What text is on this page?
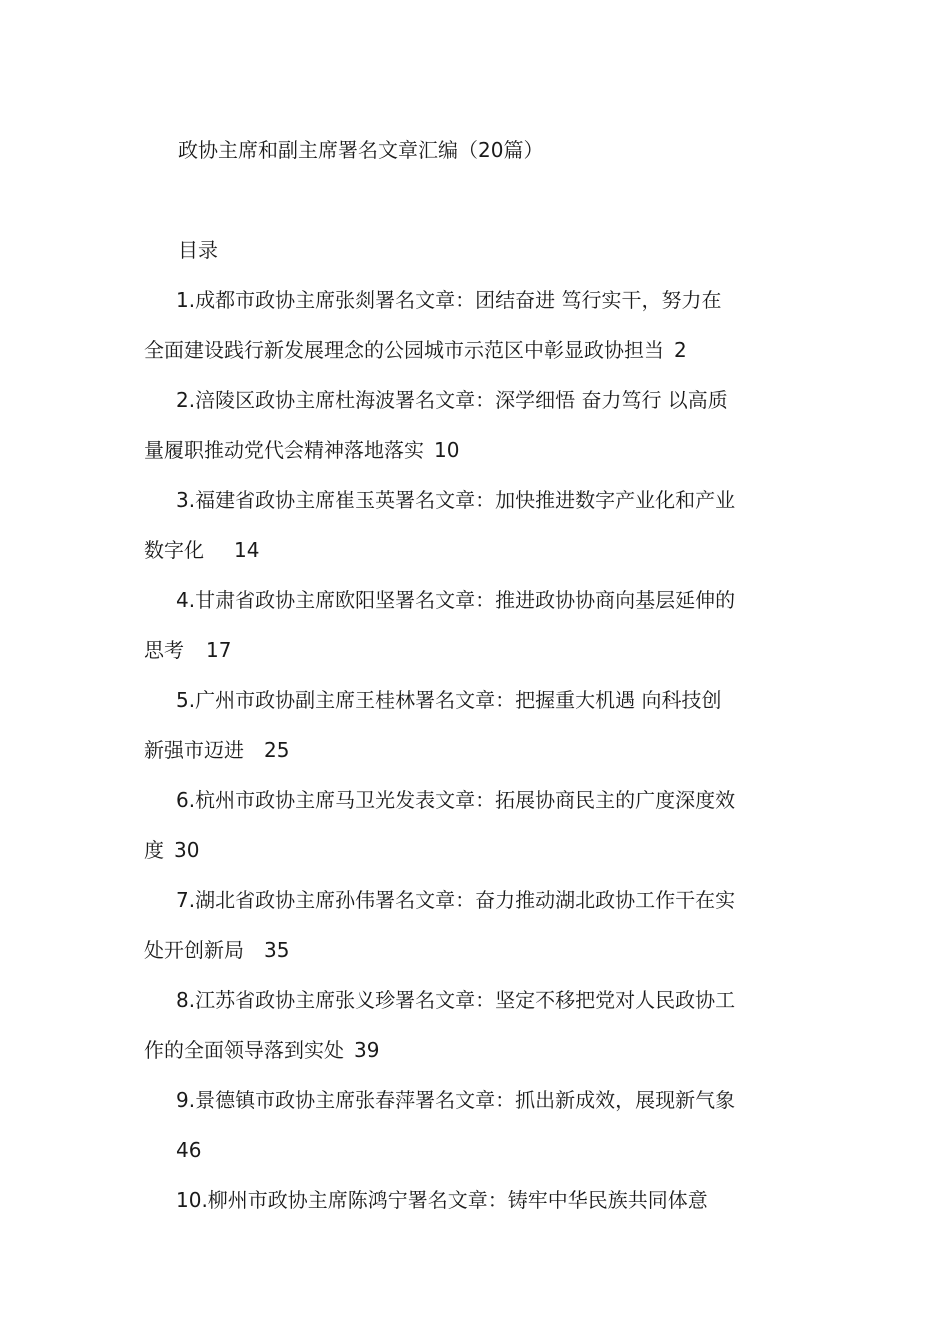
政协主席和副主席署名文章汇编（20篇）
目录
1.成都市政协主席张剡署名文章：团结奋进 笃行实干，努力在
全面建设践行新发展理念的公园城市示范区中彰显政协担当 2
2.涪陵区政协主席杜海波署名文章：深学细悟 奋力笃行 以高质
量履职推动党代会精神落地落实 10
3.福建省政协主席崔玉英署名文章：加快推进数字产业化和产业
数字化 14
4.甘肃省政协主席欧阳坚署名文章：推进政协协商向基层延伸的
思考 17
5.广州市政协副主席王桂林署名文章：把握重大机遇 向科技创
新强市迈进 25
6.杭州市政协主席马卫光发表文章：拓展协商民主的广度深度效
度 30
7.湖北省政协主席孙伟署名文章：奋力推动湖北政协工作干在实
处开创新局 35
8.江苏省政协主席张义珍署名文章：坚定不移把党对人民政协工
作的全面领导落到实处 39
9.景德镇市政协主席张春萍署名文章：抓出新成效，展现新气象
46
10.柳州市政协主席陈鸿宁署名文章：铸牢中华民族共同体意
